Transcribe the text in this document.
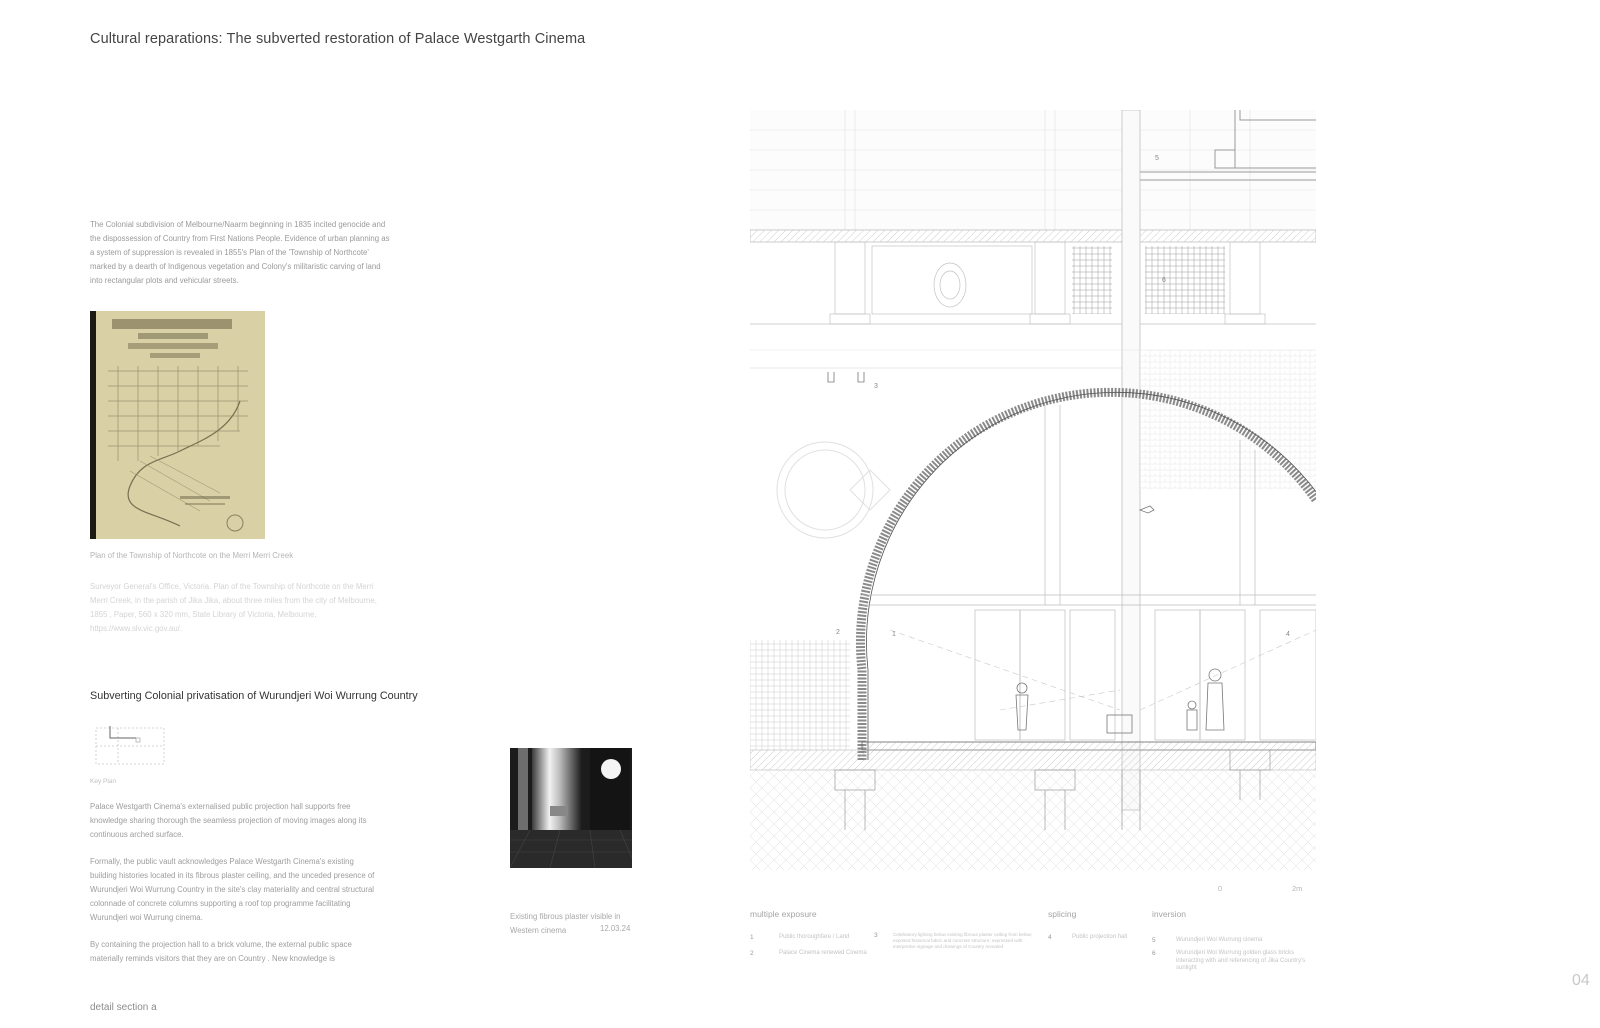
Cultural reparations: The subverted restoration of Palace Westgarth Cinema
The Colonial subdivision of Melbourne/Naarm beginning in 1835 incited genocide and the dispossession of Country from First Nations People. Evidence of urban planning as a system of suppression is revealed in 1855's Plan of the 'Township of Northcote' marked by a dearth of Indigenous vegetation and Colony's militaristic carving of land into rectangular plots and vehicular streets.
Plan of the Township of Northcote on the Merri Merri Creek
Surveyor General's Office, Victoria. Plan of the Township of Northcote on the Merri Merri Creek, in the parish of Jika Jika, about three miles from the city of Melbourne, 1855 , Paper, 560 x 320 mm, State Library of Victoria, Melbourne, https://www.slv.vic.gov.au/.
Subverting Colonial privatisation of Wurundjeri Woi Wurrung Country
Key Plan
Palace Westgarth Cinema's externalised public projection hall supports free knowledge sharing thorough the seamless projection of moving images along its continuous arched surface.
Formally, the public vault acknowledges Palace Westgarth Cinema's existing building histories located in its fibrous plaster ceiling, and the unceded presence of Wurundjeri Woi Wurrung Country in the site's clay materiality and central structural colonnade of concrete columns supporting a roof top programme facilitating Wurundjeri woi Wurrung cinema.
By containing the projection hall to a brick volume, the external public space materially reminds visitors that they are on Country . New knowledge is
Existing fibrous plaster visible in Western cinema	12.03.24
5
6
3
2	1	4
0	2m
multiple exposure	splicing	inversion
1	Public thoroughfare / Land
2	Palace Cinema renewed Cinema
3	Celebratory lighting below existing fibrous plaster ceiling from below; exposed historical fabric and concrete structure; expressed with interpretive signage and drawings of Country revealed
4	Public projection hall	5	Wurundjeri Woi Wurrung cinema
6	Wurundjeri Woi Wurrung golden glass bricks interacting with and referencing of Jika Country's sunlight
detail section a
04
